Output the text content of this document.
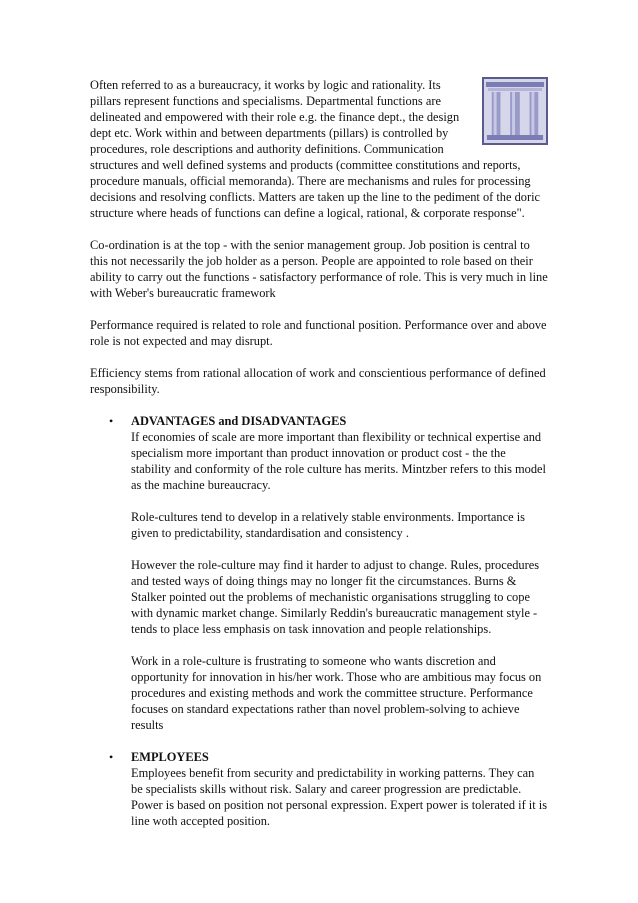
Often referred to as a bureaucracy, it works by logic and rationality. Its pillars represent functions and specialisms. Departmental functions are delineated and empowered with their role e.g. the finance dept., the design dept etc. Work within and between departments (pillars) is controlled by procedures, role descriptions and authority definitions. Communication structures and well defined systems and products (committee constitutions and reports, procedure manuals, official memoranda). There are mechanisms and rules for processing decisions and resolving conflicts. Matters are taken up the line to the pediment of the doric structure where heads of functions can define a logical, rational, & corporate response".

Co-ordination is at the top - with the senior management group. Job position is central to this not necessarily the job holder as a person. People are appointed to role based on their ability to carry out the functions - satisfactory performance of role. This is very much in line with Weber's bureaucratic framework

Performance required is related to role and functional position. Performance over and above role is not expected and may disrupt.

Efficiency stems from rational allocation of work and conscientious performance of defined responsibility.

• ADVANTAGES and DISADVANTAGES

If economies of scale are more important than flexibility or technical expertise and specialism more important than product innovation or product cost - the the stability and conformity of the role culture has merits. Mintzber refers to this model as the machine bureaucracy.

Role-cultures tend to develop in a relatively stable environments. Importance is given to predictability, standardisation and consistency .

However the role-culture may find it harder to adjust to change. Rules, procedures and tested ways of doing things may no longer fit the circumstances. Burns & Stalker pointed out the problems of mechanistic organisations struggling to cope with dynamic market change. Similarly Reddin's bureaucratic management style - tends to place less emphasis on task innovation and people relationships.

Work in a role-culture is frustrating to someone who wants discretion and opportunity for innovation in his/her work. Those who are ambitious may focus on procedures and existing methods and work the committee structure. Performance focuses on standard expectations rather than novel problem-solving to achieve results

• EMPLOYEES

Employees benefit from security and predictability in working patterns. They can be specialists skills without risk. Salary and career progression are predictable. Power is based on position not personal expression. Expert power is tolerated if it is line woth accepted position.
